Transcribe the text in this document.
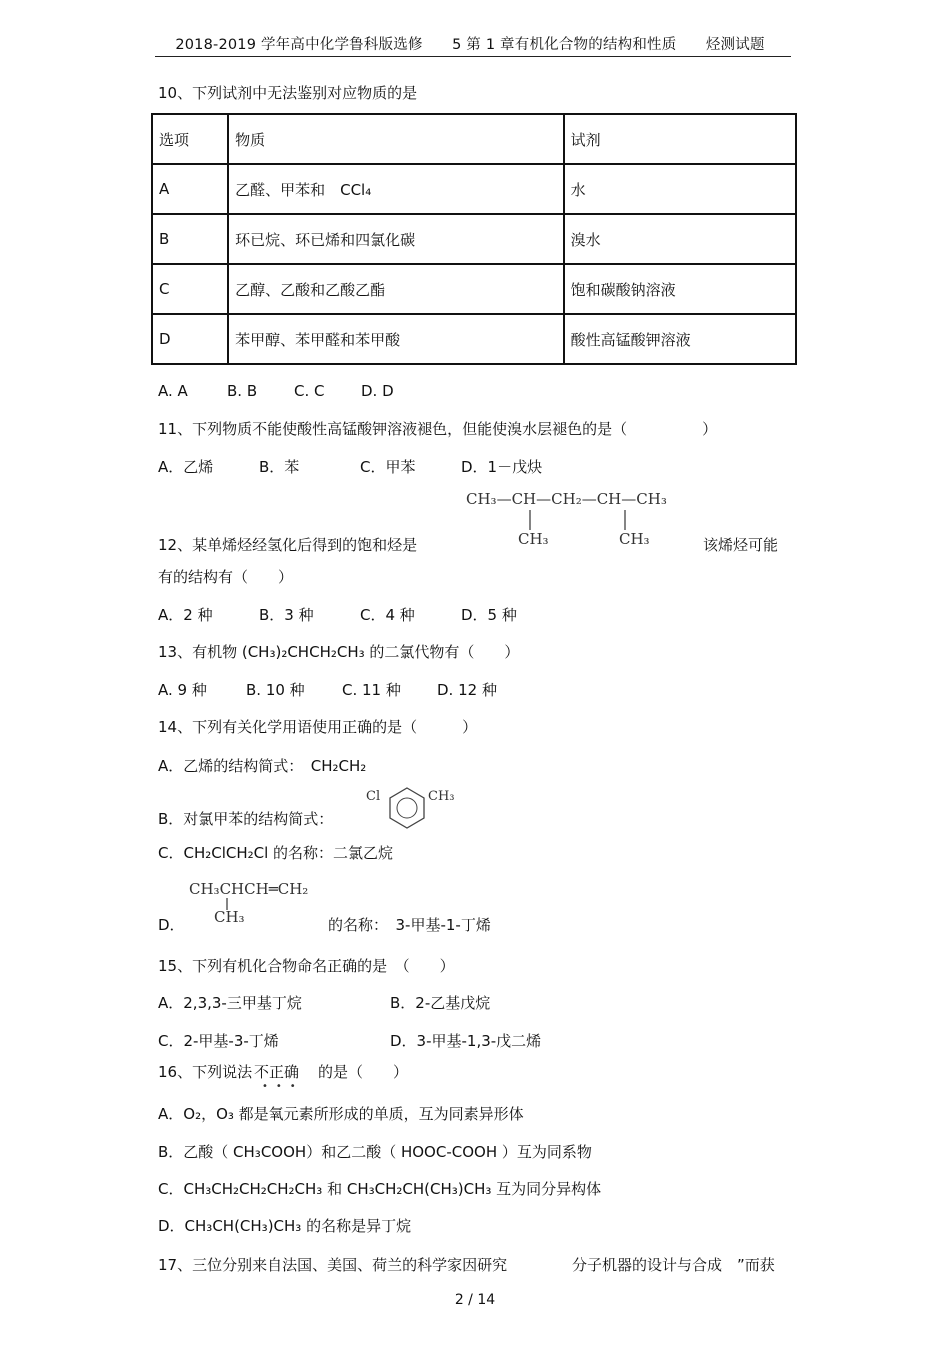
2018-2019 学年高中化学鲁科版选修　　5 第 1 章有机化合物的结构和性质　　烃测试题
10、下列试剂中无法鉴别对应物质的是
选项	物质	试剂
A	乙醛、甲苯和　CCl₄	水
B	环已烷、环已烯和四氯化碳	溴水
C	乙醇、乙酸和乙酸乙酯	饱和碳酸钠溶液
D	苯甲醇、苯甲醛和苯甲酸	酸性高锰酸钾溶液
A. A	B. B C. C D. D
11、下列物质不能使酸性高锰酸钾溶液褪色，但能使溴水层褪色的是（　　　　　）
A．乙烯	B．苯	C．甲苯	D．1－戊炔
CH₃—CH—CH₂—CH—CH₃
CH₃	CH₃
12、某单烯烃经氢化后得到的饱和烃是	该烯烃可能
有的结构有（　　）
A．2 种	B．3 种	C．4 种	D．5 种
13、有机物 (CH₃)₂CHCH₂CH₃ 的二氯代物有（　　）
A. 9 种	B. 10 种 C. 11 种 D. 12 种
14、下列有关化学用语使用正确的是（　　　）
A．乙烯的结构简式：　CH₂CH₂
B．对氯甲苯的结构简式：
Cl	CH₃
C．CH₂ClCH₂Cl 的名称：二氯乙烷
CH₃CHCH═CH₂
CH₃
D．	的名称：　3-甲基-1-丁烯
15、下列有机化合物命名正确的是　（　　）
A．2,3,3-三甲基丁烷	B．2-乙基戊烷
C．2-甲基-3-丁烯	D．3-甲基-1,3-戊二烯
16、下列说法 不正确
•••
的是（　　）
A．O₂，O₃ 都是氧元素所形成的单质，互为同素异形体
B．乙酸（ CH₃COOH）和乙二酸（ HOOC-COOH ）互为同系物
C．CH₃CH₂CH₂CH₂CH₃ 和 CH₃CH₂CH(CH₃)CH₃ 互为同分异构体
D．CH₃CH(CH₃)CH₃ 的名称是异丁烷
17、三位分别来自法国、美国、荷兰的科学家因研究	分子机器的设计与合成　”而获
2 / 14
